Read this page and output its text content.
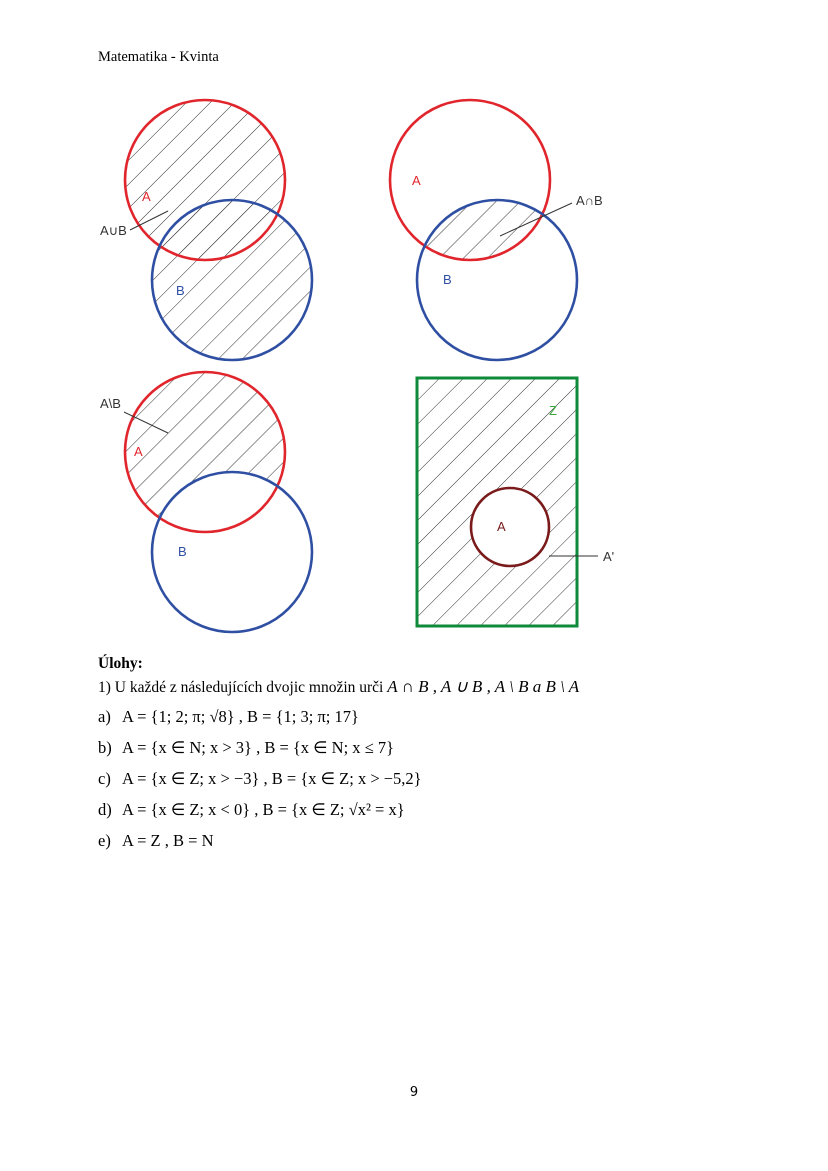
Matematika - Kvinta
A∪B
A
B
A∩B
A
B
A\B
A
B	A'
A
Z
Úlohy:
1) U každé z následujících dvojic množin urči A ∩ B , A ∪ B , A \ B a B \ A
a) A = {1; 2; π; √8} , B = {1; 3; π; 17}
b) A = {x ∈ N; x > 3} , B = {x ∈ N; x ≤ 7}
c) A = {x ∈ Z; x > −3} , B = {x ∈ Z; x > −5,2}
d) A = {x ∈ Z; x < 0} , B = {x ∈ Z; √x² = x}
e) A = Z , B = N
9
